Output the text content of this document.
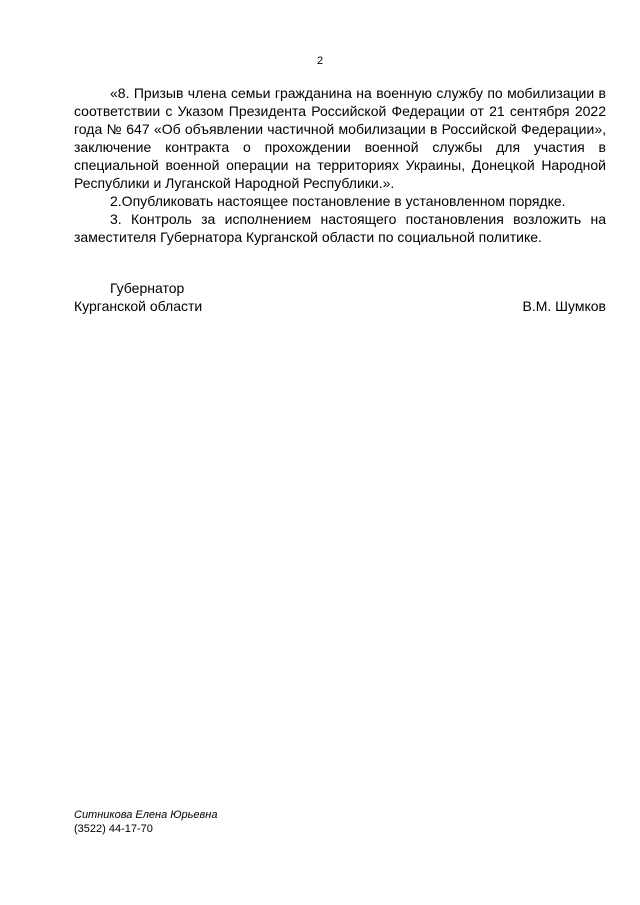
2

«8. Призыв члена семьи гражданина на военную службу по мобилизации в соответствии с Указом Президента Российской Федерации от 21 сентября 2022 года № 647 «Об объявлении частичной мобилизации в Российской Федерации», заключение контракта о прохождении военной службы для участия в специальной военной операции на территориях Украины, Донецкой Народной Республики и Луганской Народной Республики.».

2.Опубликовать настоящее постановление в установленном порядке.

3. Контроль за исполнением настоящего постановления возложить на заместителя Губернатора Курганской области по социальной политике.

Губернатор
Курганской области	В.М. Шумков
Ситникова Елена Юрьевна
(3522) 44-17-70
